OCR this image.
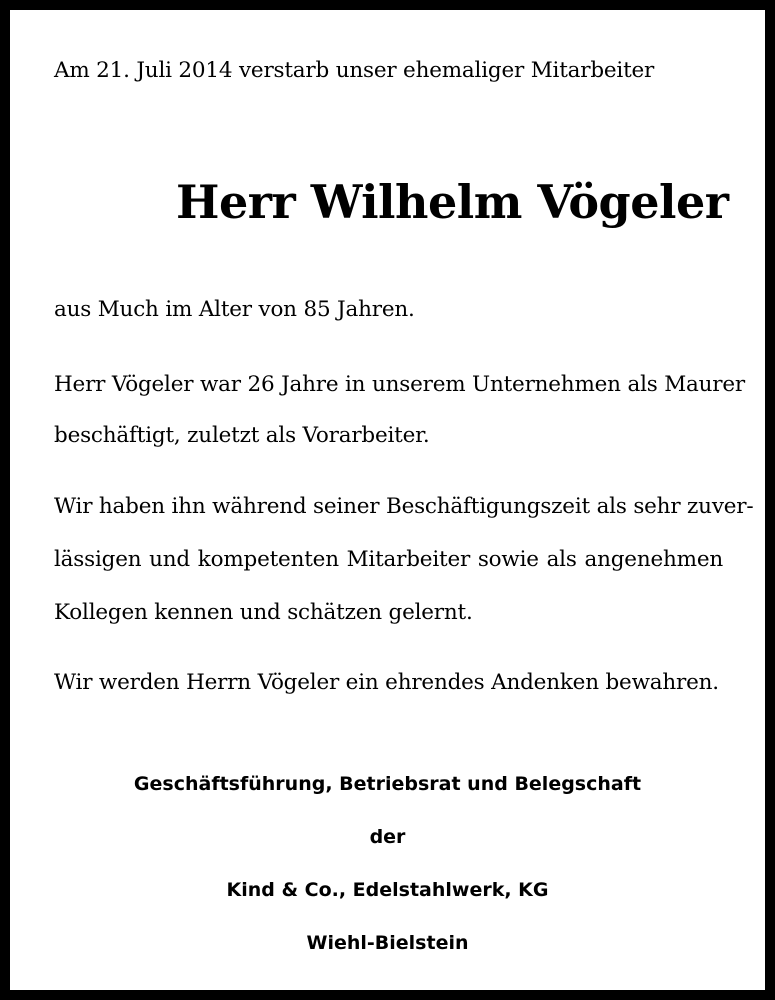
Am 21. Juli 2014 verstarb unser ehemaliger Mitarbeiter
Herr Wilhelm Vögeler
aus Much im Alter von 85 Jahren.
Herr Vögeler war 26 Jahre in unserem Unternehmen als Maurer
beschäftigt, zuletzt als Vorarbeiter.
Wir haben ihn während seiner Beschäftigungszeit als sehr zuver-
lässigen und kompetenten Mitarbeiter sowie als angenehmen
Kollegen kennen und schätzen gelernt.
Wir werden Herrn Vögeler ein ehrendes Andenken bewahren.
Geschäftsführung, Betriebsrat und Belegschaft
der
Kind & Co., Edelstahlwerk, KG
Wiehl-Bielstein
